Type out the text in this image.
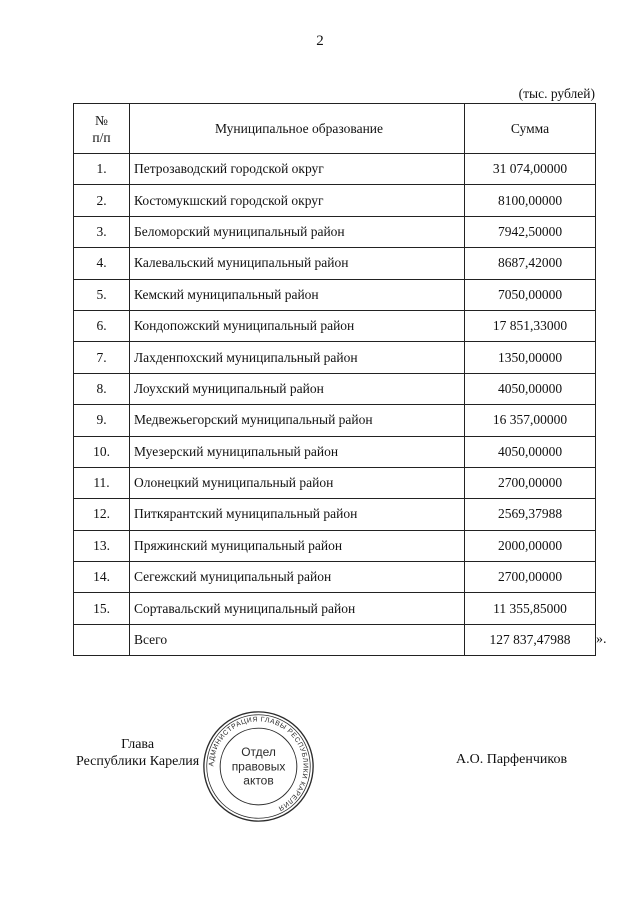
2
(тыс. рублей)
№
п/п	Муниципальное образование	Сумма
1.	Петрозаводский городской округ	31 074,00000
2.	Костомукшский городской округ	8100,00000
3.	Беломорский муниципальный район	7942,50000
4.	Калевальский муниципальный район	8687,42000
5.	Кемский муниципальный район	7050,00000
6.	Кондопожский муниципальный район	17 851,33000
7.	Лахденпохский муниципальный район	1350,00000
8.	Лоухский муниципальный район	4050,00000
9.	Медвежьегорский муниципальный район	16 357,00000
10.	Муезерский муниципальный район	4050,00000
11.	Олонецкий муниципальный район	2700,00000
12.	Питкярантский муниципальный район	2569,37988
13.	Пряжинский муниципальный район	2000,00000
14.	Сегежский муниципальный район	2700,00000
15.	Сортавальский муниципальный район	11 355,85000
	Всего	127 837,47988 ».
Глава
Республики Карелия	А.О. Парфенчиков
АДМИНИСТРАЦИЯ ГЛАВЫ РЕСПУБЛИКИ КАРЕЛИЯ
Отдел
правовых
актов
